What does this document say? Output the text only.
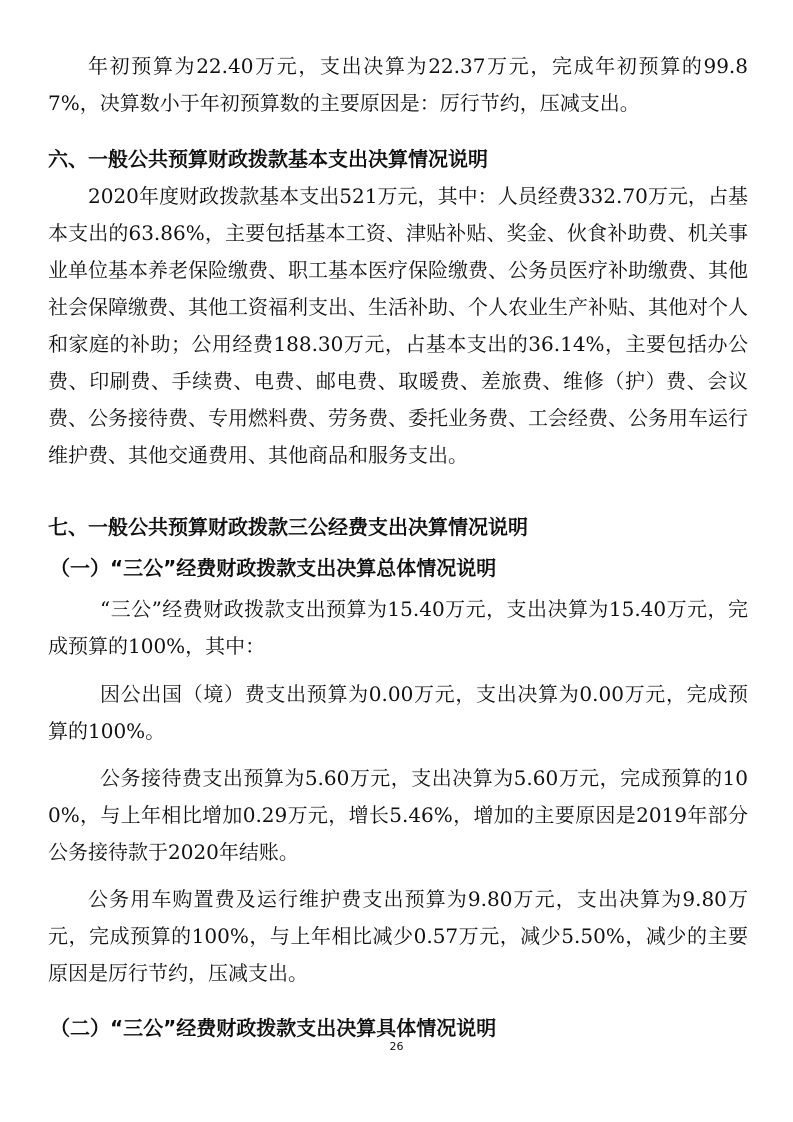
年初预算为22.40万元，支出决算为22.37万元，完成年初预算的99.87%，决算数小于年初预算数的主要原因是：厉行节约，压减支出。

六、一般公共预算财政拨款基本支出决算情况说明

2020年度财政拨款基本支出521万元，其中：人员经费332.70万元，占基本支出的63.86%，主要包括基本工资、津贴补贴、奖金、伙食补助费、机关事业单位基本养老保险缴费、职工基本医疗保险缴费、公务员医疗补助缴费、其他社会保障缴费、其他工资福利支出、生活补助、个人农业生产补贴、其他对个人和家庭的补助；公用经费188.30万元，占基本支出的36.14%，主要包括办公费、印刷费、手续费、电费、邮电费、取暖费、差旅费、维修（护）费、会议费、公务接待费、专用燃料费、劳务费、委托业务费、工会经费、公务用车运行维护费、其他交通费用、其他商品和服务支出。

七、一般公共预算财政拨款三公经费支出决算情况说明
（一）“三公”经费财政拨款支出决算总体情况说明

“三公”经费财政拨款支出预算为15.40万元，支出决算为15.40万元，完成预算的100%，其中：

因公出国（境）费支出预算为0.00万元，支出决算为0.00万元，完成预算的100%。

公务接待费支出预算为5.60万元，支出决算为5.60万元，完成预算的100%，与上年相比增加0.29万元，增长5.46%，增加的主要原因是2019年部分公务接待款于2020年结账。

公务用车购置费及运行维护费支出预算为9.80万元，支出决算为9.80万元，完成预算的100%，与上年相比减少0.57万元，减少5.50%，减少的主要原因是厉行节约，压减支出。

（二）“三公”经费财政拨款支出决算具体情况说明
26
